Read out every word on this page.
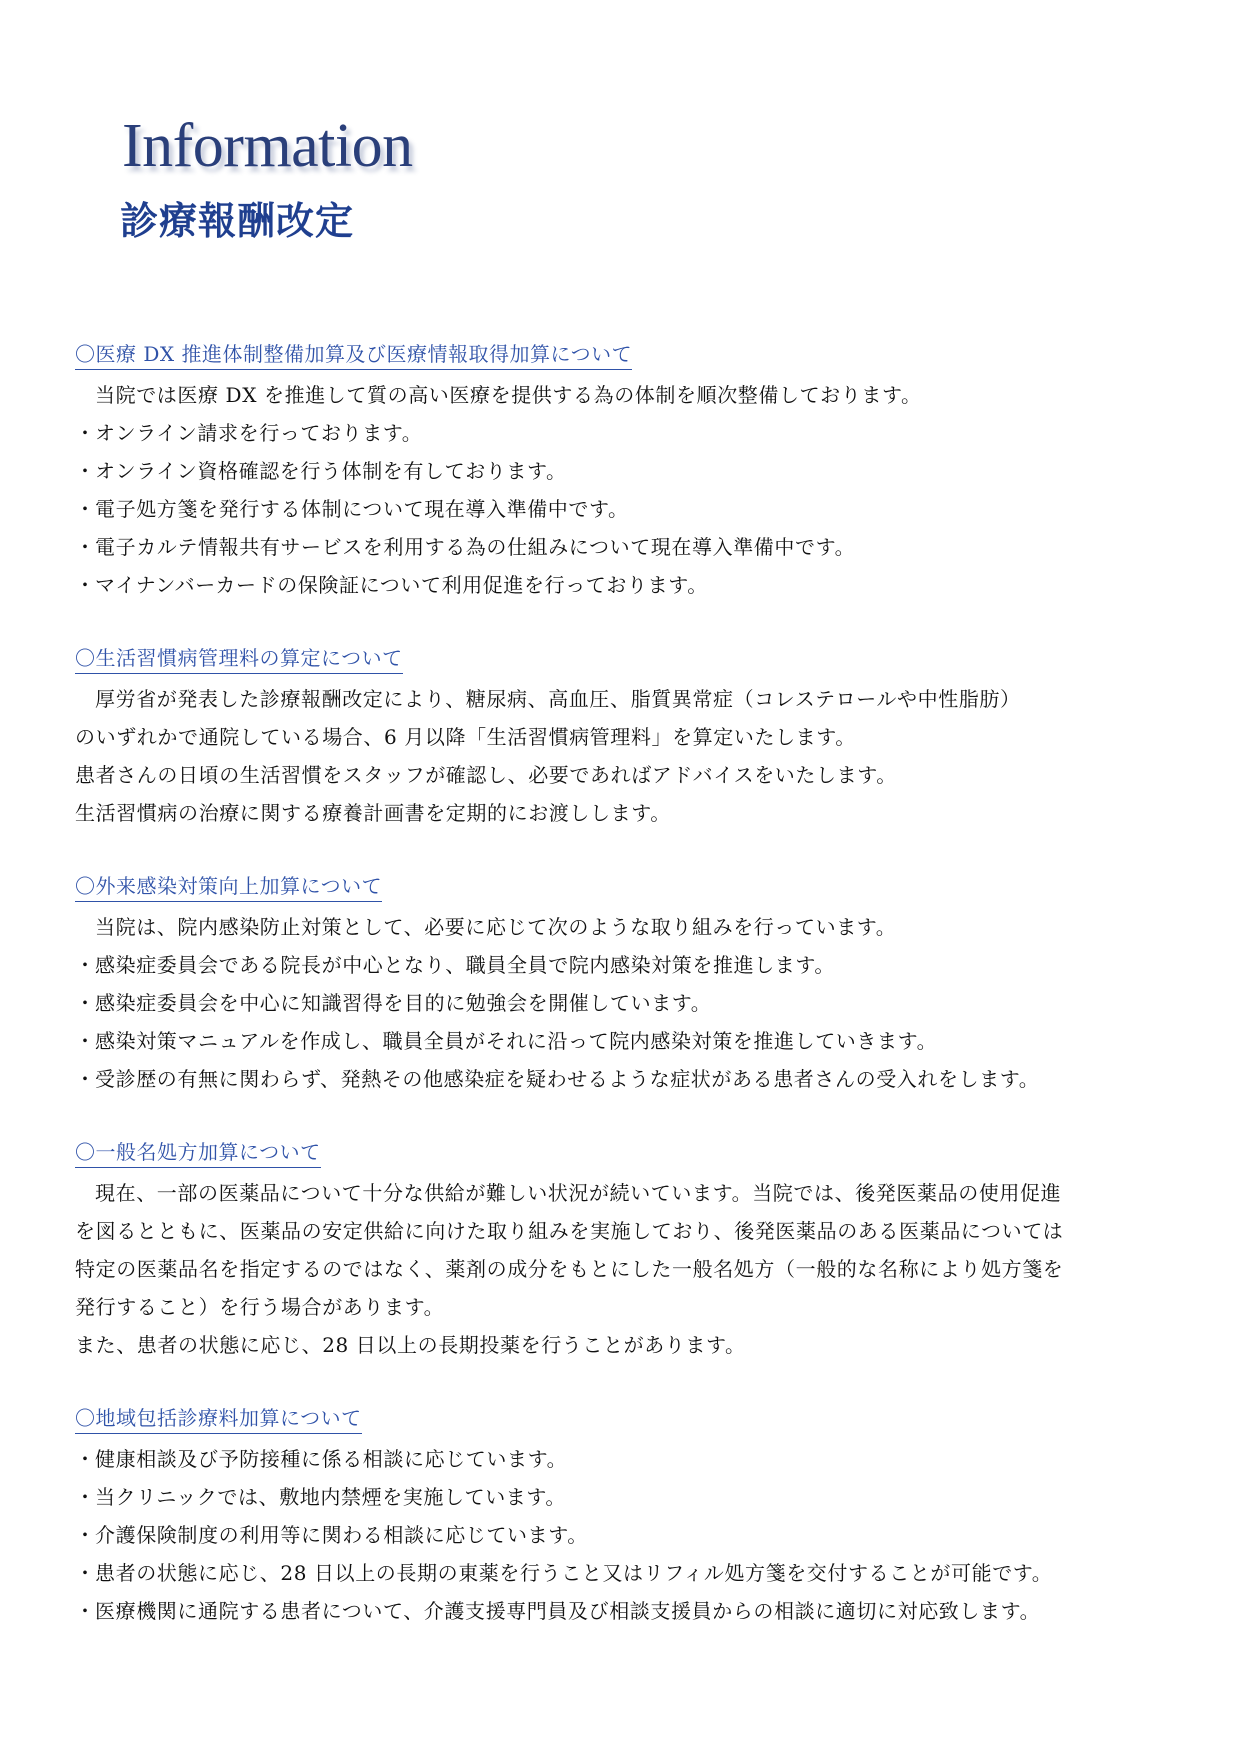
Information
診療報酬改定
〇医療 DX 推進体制整備加算及び医療情報取得加算について
当院では医療 DX を推進して質の高い医療を提供する為の体制を順次整備しております。
・オンライン請求を行っております。
・オンライン資格確認を行う体制を有しております。
・電子処方箋を発行する体制について現在導入準備中です。
・電子カルテ情報共有サービスを利用する為の仕組みについて現在導入準備中です。
・マイナンバーカードの保険証について利用促進を行っております。
〇生活習慣病管理料の算定について
厚労省が発表した診療報酬改定により、糖尿病、高血圧、脂質異常症（コレステロールや中性脂肪）
のいずれかで通院している場合、6 月以降「生活習慣病管理料」を算定いたします。
患者さんの日頃の生活習慣をスタッフが確認し、必要であればアドバイスをいたします。
生活習慣病の治療に関する療養計画書を定期的にお渡しします。
〇外来感染対策向上加算について
当院は、院内感染防止対策として、必要に応じて次のような取り組みを行っています。
・感染症委員会である院長が中心となり、職員全員で院内感染対策を推進します。
・感染症委員会を中心に知識習得を目的に勉強会を開催しています。
・感染対策マニュアルを作成し、職員全員がそれに沿って院内感染対策を推進していきます。
・受診歴の有無に関わらず、発熱その他感染症を疑わせるような症状がある患者さんの受入れをします。
〇一般名処方加算について
現在、一部の医薬品について十分な供給が難しい状況が続いています。当院では、後発医薬品の使用促進
を図るとともに、医薬品の安定供給に向けた取り組みを実施しており、後発医薬品のある医薬品については
特定の医薬品名を指定するのではなく、薬剤の成分をもとにした一般名処方（一般的な名称により処方箋を
発行すること）を行う場合があります。
また、患者の状態に応じ、28 日以上の長期投薬を行うことがあります。
〇地域包括診療料加算について
・健康相談及び予防接種に係る相談に応じています。
・当クリニックでは、敷地内禁煙を実施しています。
・介護保険制度の利用等に関わる相談に応じています。
・患者の状態に応じ、28 日以上の長期の東薬を行うこと又はリフィル処方箋を交付することが可能です。
・医療機関に通院する患者について、介護支援専門員及び相談支援員からの相談に適切に対応致します。
